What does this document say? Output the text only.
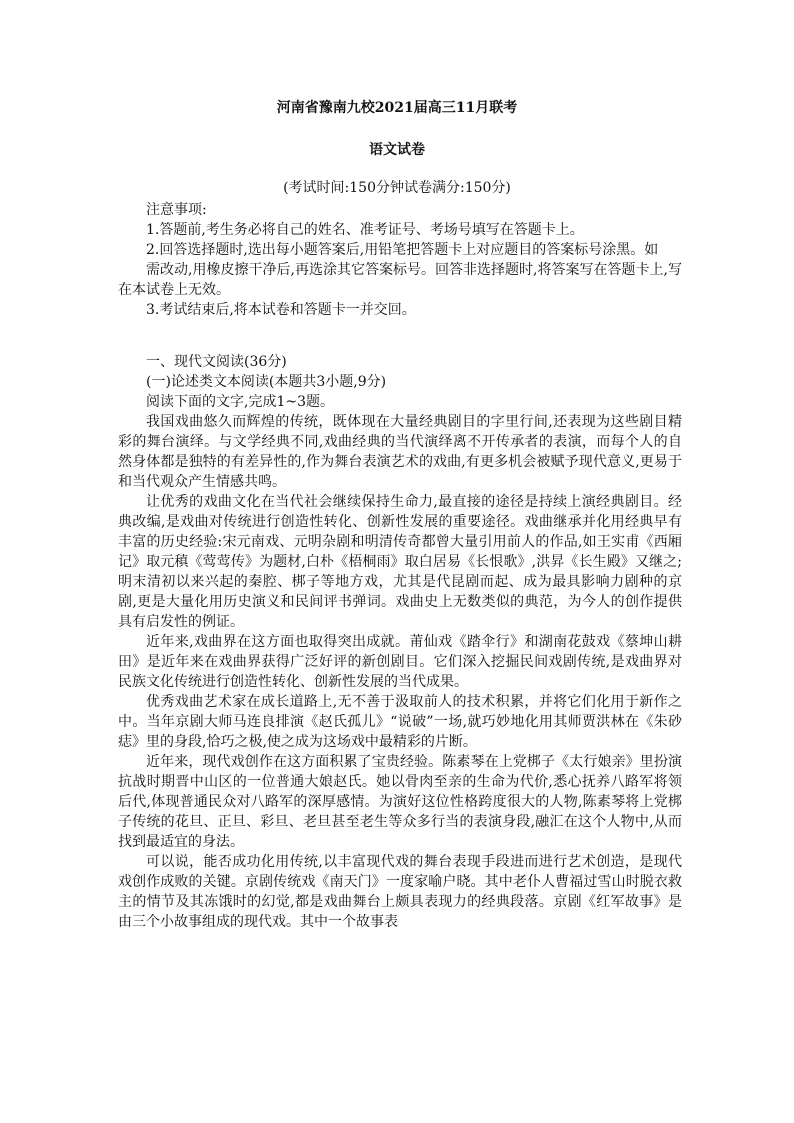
河南省豫南九校2021届高三11月联考
语文试卷
(考试时间:150分钟试卷满分:150分)

注意事项:

1.答题前,考生务必将自己的姓名、准考证号、考场号填写在答题卡上。

2.回答选择题时,选出每小题答案后,用铅笔把答题卡上对应题目的答案标号涂黑。如

需改动,用橡皮擦干净后,再选涂其它答案标号。回答非选择题时,将答案写在答题卡上,写在本试卷上无效。

3.考试结束后,将本试卷和答题卡一并交回。

一、现代文阅读(36分)

(一)论述类文本阅读(本题共3小题,9分)

阅读下面的文字,完成1~3题。

我国戏曲悠久而辉煌的传统，既体现在大量经典剧目的字里行间,还表现为这些剧目精彩的舞台演绎。与文学经典不同,戏曲经典的当代演绎离不开传承者的表演，而每个人的自然身体都是独特的有差异性的,作为舞台表演艺术的戏曲,有更多机会被赋予现代意义,更易于和当代观众产生情感共鸣。

让优秀的戏曲文化在当代社会继续保持生命力,最直接的途径是持续上演经典剧目。经典改编,是戏曲对传统进行创造性转化、创新性发展的重要途径。戏曲继承并化用经典早有丰富的历史经验:宋元南戏、元明杂剧和明清传奇都曾大量引用前人的作品,如王实甫《西厢记》取元稹《莺莺传》为题材,白朴《梧桐雨》取白居易《长恨歌》,洪昇《长生殿》又继之;明末清初以来兴起的秦腔、梆子等地方戏，尤其是代昆剧而起、成为最具影响力剧种的京剧,更是大量化用历史演义和民间评书弹词。戏曲史上无数类似的典范，为今人的创作提供具有启发性的例证。

近年来,戏曲界在这方面也取得突出成就。莆仙戏《踏伞行》和湖南花鼓戏《蔡坤山耕田》是近年来在戏曲界获得广泛好评的新创剧目。它们深入挖掘民间戏剧传统,是戏曲界对民族文化传统进行创造性转化、创新性发展的当代成果。

优秀戏曲艺术家在成长道路上,无不善于汲取前人的技术积累，并将它们化用于新作之中。当年京剧大师马连良排演《赵氏孤儿》“说破”一场,就巧妙地化用其师贾洪林在《朱砂痣》里的身段,恰巧之极,使之成为这场戏中最精彩的片断。

近年来，现代戏创作在这方面积累了宝贵经验。陈素琴在上党梆子《太行娘亲》里扮演抗战时期晋中山区的一位普通大娘赵氏。她以骨肉至亲的生命为代价,悉心抚养八路军将领后代,体现普通民众对八路军的深厚感情。为演好这位性格跨度很大的人物,陈素琴将上党梆子传统的花旦、正旦、彩旦、老旦甚至老生等众多行当的表演身段,融汇在这个人物中,从而找到最适宜的身法。

可以说，能否成功化用传统,以丰富现代戏的舞台表现手段进而进行艺术创造，是现代戏创作成败的关键。京剧传统戏《南天门》一度家喻户晓。其中老仆人曹福过雪山时脱衣救主的情节及其冻饿时的幻觉,都是戏曲舞台上颇具表现力的经典段落。京剧《红军故事》是由三个小故事组成的现代戏。其中一个故事表
